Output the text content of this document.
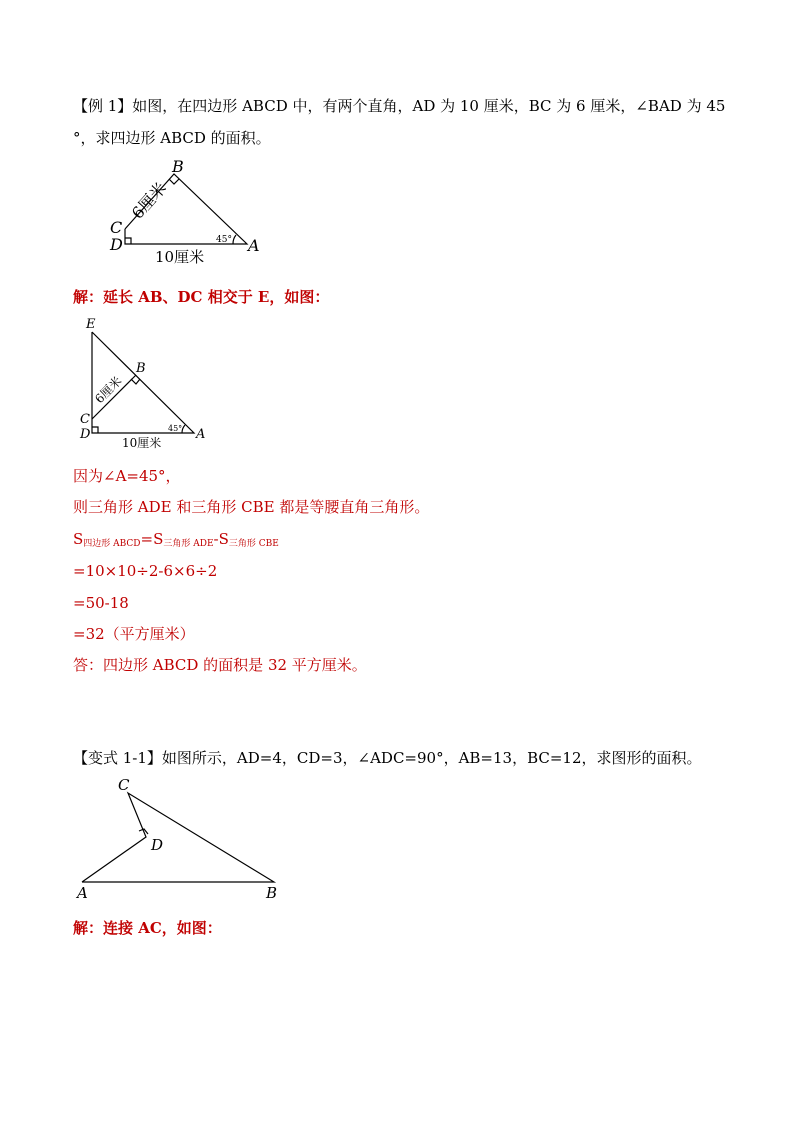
【例 1】如图，在四边形 ABCD 中，有两个直角，AD 为 10 厘米，BC 为 6 厘米，∠BAD 为 45
°，求四边形 ABCD 的面积。
B
C
D	A
6厘米
10厘米
45°
解：延长 AB、DC 相交于 E，如图：
E
B
C
D	A
6厘米
10厘米
45°
因为∠A=45°，
则三角形 ADE 和三角形 CBE 都是等腰直角三角形。
$S_{四边形 ABCD}=S_{三角形 ADE}-S_{三角形 CBE}$
=10×10÷2-6×6÷2
=50-18
=32（平方厘米）
答：四边形 ABCD 的面积是 32 平方厘米。
【变式 1-1】如图所示，AD=4，CD=3，∠ADC=90°，AB=13，BC=12，求图形的面积。
C
D
A	B
解：连接 AC，如图：
